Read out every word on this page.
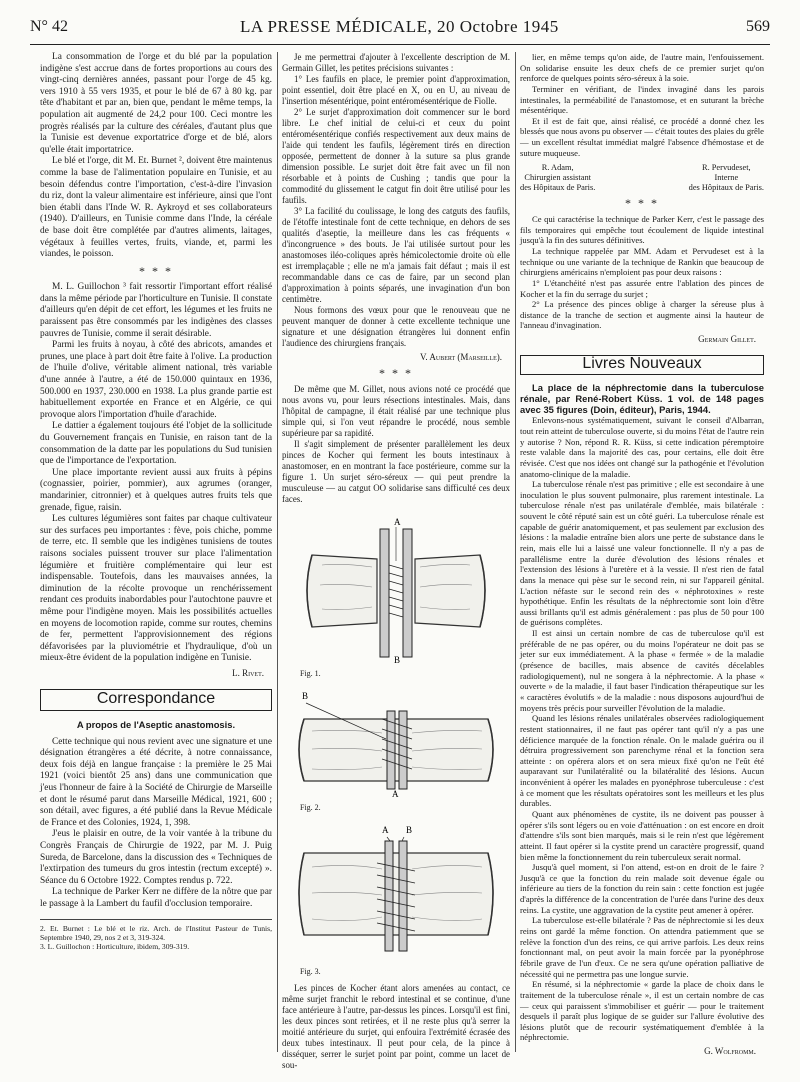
N° 42	LA PRESSE MÉDICALE, 20 Octobre 1945	569

La consommation de l'orge et du blé par la population indigène s'est accrue dans de fortes proportions au cours des vingt-cinq dernières années, passant pour l'orge de 45 kg. vers 1910 à 55 vers 1935, et pour le blé de 67 à 80 kg. par tête d'habitant et par an, bien que, pendant le même temps, la population ait augmenté de 24,2 pour 100. Ceci montre les progrès réalisés par la culture des céréales, d'autant plus que la Tunisie est devenue exportatrice d'orge et de blé, alors qu'elle était importatrice.

Le blé et l'orge, dit M. Et. Burnet ², doivent être maintenus comme la base de l'alimentation populaire en Tunisie, et au besoin défendus contre l'importation, c'est-à-dire l'invasion du riz, dont la valeur alimentaire est inférieure, ainsi que l'ont bien établi dans l'Inde W. R. Aykroyd et ses collaborateurs (1940). D'ailleurs, en Tunisie comme dans l'Inde, la céréale de base doit être complétée par d'autres aliments, laitages, végétaux à feuilles vertes, fruits, viande, et, parmi les viandes, le poisson.

* * *

M. L. Guillochon ³ fait ressortir l'important effort réalisé dans la même période par l'horticulture en Tunisie. Il constate d'ailleurs qu'en dépit de cet effort, les légumes et les fruits ne paraissent pas être consommés par les indigènes des classes pauvres de Tunisie, comme il serait désirable.

Parmi les fruits à noyau, à côté des abricots, amandes et prunes, une place à part doit être faite à l'olive. La production de l'huile d'olive, véritable aliment national, très variable d'une année à l'autre, a été de 150.000 quintaux en 1936, 500.000 en 1937, 230.000 en 1938. La plus grande partie est habituellement exportée en France et en Algérie, ce qui provoque alors l'importation d'huile d'arachide.

Le dattier a également toujours été l'objet de la sollicitude du Gouvernement français en Tunisie, en raison tant de la consommation de la datte par les populations du Sud tunisien que de l'importance de l'exportation.

Une place importante revient aussi aux fruits à pépins (cognassier, poirier, pommier), aux agrumes (oranger, mandarinier, citronnier) et à quelques autres fruits tels que grenade, figue, raisin.

Les cultures légumières sont faites par chaque cultivateur sur des surfaces peu importantes : fève, pois chiche, pomme de terre, etc. Il semble que les indigènes tunisiens de toutes raisons sociales puissent trouver sur place l'alimentation légumière et fruitière complémentaire qui leur est indispensable. Toutefois, dans les mauvaises années, la diminution de la récolte provoque un renchérissement rendant ces produits inabordables pour l'autochtone pauvre et même pour l'indigène moyen. Mais les possibilités actuelles en moyens de locomotion rapide, comme sur routes, chemins de fer, permettent l'approvisionnement des régions défavorisées par la pluviométrie et l'hydraulique, d'où un mieux-être évident de la population indigène en Tunisie.

L. Rivet.
Correspondance
A propos de l'Aseptic anastomosis.

Cette technique qui nous revient avec une signature et une désignation étrangères a été décrite, à notre connaissance, deux fois déjà en langue française : la première le 25 Mai 1921 (voici bientôt 25 ans) dans une communication que j'eus l'honneur de faire à la Société de Chirurgie de Marseille et dont le résumé parut dans Marseille Médical, 1921, 600 ; son détail, avec figures, a été publié dans la Revue Médicale de France et des Colonies, 1924, 1, 398.

J'eus le plaisir en outre, de la voir vantée à la tribune du Congrès Français de Chirurgie de 1922, par M. J. Puig Sureda, de Barcelone, dans la discussion des « Techniques de l'extirpation des tumeurs du gros intestin (rectum excepté) ». Séance du 6 Octobre 1922. Comptes rendus p. 722.

La technique de Parker Kerr ne diffère de la nôtre que par le passage à la Lambert du faufil d'occlusion temporaire.

2. Et. Burnet : Le blé et le riz. Arch. de l'Institut Pasteur de Tunis, Septembre 1940, 29, nos 2 et 3, 319-324.

3. L. Guillochon : Horticulture, ibidem, 309-319.

Je me permettrai d'ajouter à l'excellente description de M. Germain Gillet, les petites précisions suivantes :

1° Les faufils en place, le premier point d'approximation, point essentiel, doit être placé en X, ou en U, au niveau de l'insertion mésentérique, point entéromésentérique de Fiolle.

2° Le surjet d'approximation doit commencer sur le bord libre. Le chef initial de celui-ci et ceux du point entéromésentérique confiés respectivement aux deux mains de l'aide qui tendent les faufils, légèrement tirés en direction opposée, permettent de donner à la suture sa plus grande dimension possible. Le surjet doit être fait avec un fil non résorbable et à points de Cushing ; tandis que pour la commodité du glissement le catgut fin doit être utilisé pour les faufils.

3° La facilité du coulissage, le long des catguts des faufils, de l'étoffe intestinale font de cette technique, en dehors de ses qualités d'aseptie, la meilleure dans les cas fréquents « d'incongruence » des bouts. Je l'ai utilisée surtout pour les anastomoses iléo-coliques après hémicolectomie droite où elle est irremplaçable ; elle ne m'a jamais fait défaut ; mais il est recommandable dans ce cas de faire, par un second plan d'approximation à points séparés, une invagination d'un bon centimètre.

Nous formons des vœux pour que le renouveau que ne peuvent manquer de donner à cette excellente technique une signature et une désignation étrangères lui donnent enfin l'audience des chirurgiens français.

V. Aubert (Marseille).
* * *

De même que M. Gillet, nous avions noté ce procédé que nous avons vu, pour leurs résections intestinales. Mais, dans l'hôpital de campagne, il était réalisé par une technique plus simple qui, si l'on veut répandre le procédé, nous semble supérieure par sa rapidité.

Il s'agit simplement de présenter parallèlement les deux pinces de Kocher qui ferment les bouts intestinaux à anastomoser, en en montrant la face postérieure, comme sur la figure 1. Un surjet séro-séreux — qui peut prendre la musculeuse — au catgut OO solidarise sans difficulté ces deux faces.

A
B
Fig. 1.
B
A
Fig. 2.
A B
Fig. 3.

Les pinces de Kocher étant alors amenées au contact, ce même surjet franchit le rebord intestinal et se continue, d'une face antérieure à l'autre, par-dessus les pinces. Lorsqu'il est fini, les deux pinces sont retirées, et il ne reste plus qu'à serrer la moitié antérieure du surjet, qui enfouira l'extrémité écrasée des deux tubes intestinaux. Il peut pour cela, de la pince à disséquer, serrer le surjet point par point, comme un lacet de sou-

lier, en même temps qu'on aide, de l'autre main, l'enfouissement. On solidarise ensuite les deux chefs de ce premier surjet qu'on renforce de quelques points séro-séreux à la soie.

Terminer en vérifiant, de l'index invaginé dans les parois intestinales, la perméabilité de l'anastomose, et en suturant la brèche mésentérique.

Et il est de fait que, ainsi réalisé, ce procédé a donné chez les blessés que nous avons pu observer — c'était toutes des plaies du grêle — un excellent résultat immédiat malgré l'absence d'hémostase et de suture muqueuse.

R. Adam,
Chirurgien assistant
des Hôpitaux de Paris.
R. Pervudeset,
Interne
des Hôpitaux de Paris.
* * *

Ce qui caractérise la technique de Parker Kerr, c'est le passage des fils temporaires qui empêche tout écoulement de liquide intestinal jusqu'à la fin des sutures définitives.

La technique rappelée par MM. Adam et Pervudeset est à la technique ou une variante de la technique de Rankin que beaucoup de chirurgiens américains n'emploient pas pour deux raisons :

1° L'étanchéité n'est pas assurée entre l'ablation des pinces de Kocher et la fin du serrage du surjet ;

2° La présence des pinces oblige à charger la séreuse plus à distance de la tranche de section et augmente ainsi la hauteur de l'anneau d'invagination.

Germain Gillet.
Livres Nouveaux

La place de la néphrectomie dans la tuberculose rénale, par René-Robert Küss. 1 vol. de 148 pages avec 35 figures (Doin, éditeur), Paris, 1944.

Enlevons-nous systématiquement, suivant le conseil d'Albarran, tout rein atteint de tuberculose ouverte, si du moins l'état de l'autre rein y autorise ? Non, répond R. R. Küss, si cette indication péremptoire reste valable dans la majorité des cas, pour certains, elle doit être révisée. C'est que nos idées ont changé sur la pathogénie et l'évolution anatomo-clinique de la maladie.

La tuberculose rénale n'est pas primitive ; elle est secondaire à une inoculation le plus souvent pulmonaire, plus rarement intestinale. La tuberculose rénale n'est pas unilatérale d'emblée, mais bilatérale : souvent le côté réputé sain est un côté guéri. La tuberculose rénale est capable de guérir anatomiquement, et pas seulement par exclusion des lésions : la maladie entraîne bien alors une perte de substance dans le rein, mais elle lui a laissé une valeur fonctionnelle. Il n'y a pas de parallélisme entre la durée d'évolution des lésions rénales et l'extension des lésions à l'uretère et à la vessie. Il n'est rien de fatal dans la menace qui pèse sur le second rein, ni sur l'appareil génital. L'action néfaste sur le second rein des « néphrotoxines » reste hypothétique. Enfin les résultats de la néphrectomie sont loin d'être aussi brillants qu'il est admis généralement : pas plus de 50 pour 100 de guérisons complètes.

Il est ainsi un certain nombre de cas de tuberculose qu'il est préférable de ne pas opérer, ou du moins l'opérateur ne doit pas se jeter sur eux immédiatement. A la phase « fermée » de la maladie (présence de bacilles, mais absence de cavités décelables radiologiquement), nul ne songera à la néphrectomie. A la phase « ouverte » de la maladie, il faut baser l'indication thérapeutique sur les « caractères évolutifs » de la maladie : nous disposons aujourd'hui de moyens très précis pour surveiller l'évolution de la maladie.

Quand les lésions rénales unilatérales observées radiologiquement restent stationnaires, il ne faut pas opérer tant qu'il n'y a pas une déficience marquée de la fonction rénale. On le malade guérira ou il détruira progressivement son parenchyme rénal et la fonction sera atteinte : on opérera alors et on sera mieux fixé qu'on ne l'eût été auparavant sur l'unilatéralité ou la bilatéralité des lésions. Aucun inconvénient à opérer les malades en pyonéphrose tuberculeuse : c'est à ce moment que les résultats opératoires sont les meilleurs et les plus durables.

Quant aux phénomènes de cystite, ils ne doivent pas pousser à opérer s'ils sont légers ou en voie d'atténuation : on est encore en droit d'attendre s'ils sont bien marqués, mais si le rein n'est que légèrement atteint. Il faut opérer si la cystite prend un caractère progressif, quand bien même la fonctionnement du rein tuberculeux serait normal.

Jusqu'à quel moment, si l'on attend, est-on en droit de le faire ? Jusqu'à ce que la fonction du rein malade soit devenue égale ou inférieure au tiers de la fonction du rein sain : cette fonction est jugée d'après la différence de la concentration de l'urée dans l'urine des deux reins. La cystite, une aggravation de la cystite peut amener à opérer.

La tuberculose est-elle bilatérale ? Pas de néphrectomie si les deux reins ont gardé la même fonction. On attendra patiemment que se relève la fonction d'un des reins, ce qui arrive parfois. Les deux reins fonctionnant mal, on peut avoir la main forcée par la pyonéphrose fébrile grave de l'un d'eux. Ce ne sera qu'une opération palliative de nécessité qui ne permettra pas une longue survie.

En résumé, si la néphrectomie « garde la place de choix dans le traitement de la tuberculose rénale », il est un certain nombre de cas — ceux qui paraissent s'immobiliser et guérir — pour le traitement desquels il paraît plus logique de se guider sur l'allure évolutive des lésions plutôt que de recourir systématiquement d'emblée à la néphrectomie.

G. Wolfromm.
